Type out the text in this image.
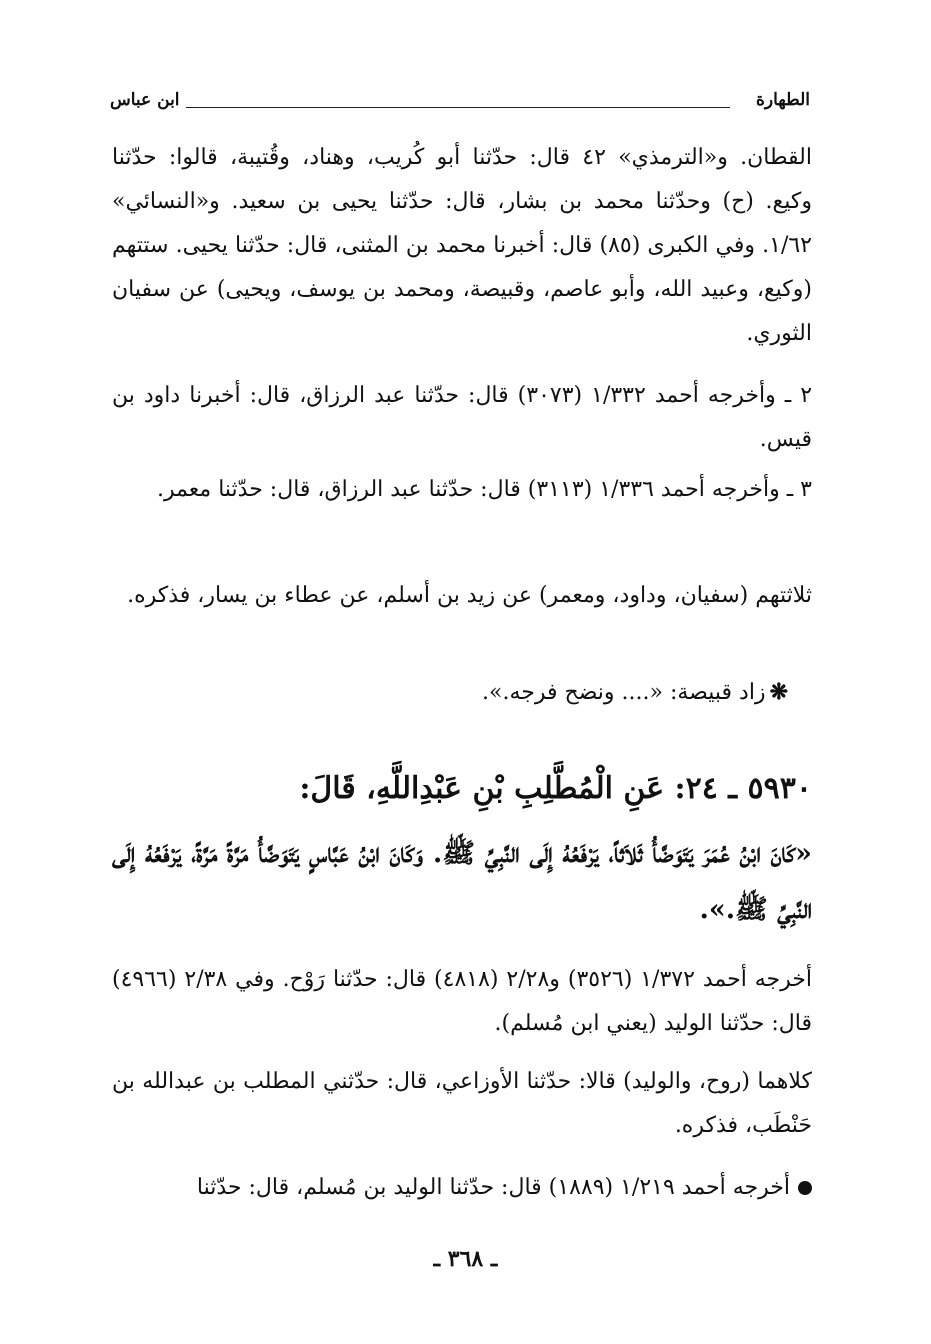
الطهارة
ابن عباس

القطان. و«الترمذي» ٤٢ قال: حدّثنا أبو كُريب، وهناد، وقُتيبة، قالوا: حدّثنا وكيع. (ح) وحدّثنا محمد بن بشار، قال: حدّثنا يحيى بن سعيد. و«النسائي» ١/٦٢. وفي الكبرى (٨٥) قال: أخبرنا محمد بن المثنى، قال: حدّثنا يحيى. ستتهم (وكيع، وعبيد الله، وأبو عاصم، وقبيصة، ومحمد بن يوسف، ويحيى) عن سفيان الثوري.

٢ ـ وأخرجه أحمد ١/٣٣٢ (٣٠٧٣) قال: حدّثنا عبد الرزاق، قال: أخبرنا داود بن قيس.

٣ ـ وأخرجه أحمد ١/٣٣٦ (٣١١٣) قال: حدّثنا عبد الرزاق، قال: حدّثنا معمر.

ثلاثتهم (سفيان، وداود، ومعمر) عن زيد بن أسلم، عن عطاء بن يسار، فذكره.

❋زاد قبيصة: «.... ونضح فرجه.».

٥٩٣٠ ـ ٢٤: عَنِ الْمُطَّلِبِ بْنِ عَبْدِاللَّهِ، قَالَ:
«كَانَ ابْنُ عُمَرَ يَتَوَضَّأُ ثَلاَثاً، يَرْفَعُهُ إِلَى النَّبِيِّ ﷺ. وَكَانَ ابْنُ عَبَّاسٍ يَتَوَضَّأُ مَرَّةً مَرَّةً، يَرْفَعُهُ إِلَى النَّبِيِّ ﷺ.».

أخرجه أحمد ١/٣٧٢ (٣٥٢٦) و٢/٢٨ (٤٨١٨) قال: حدّثنا رَوْح. وفي ٢/٣٨ (٤٩٦٦) قال: حدّثنا الوليد (يعني ابن مُسلم).

كلاهما (روح، والوليد) قالا: حدّثنا الأوزاعي، قال: حدّثني المطلب بن عبدالله بن حَنْطَب، فذكره.

أخرجه أحمد ١/٢١٩ (١٨٨٩) قال: حدّثنا الوليد بن مُسلم، قال: حدّثنا

ـ ٣٦٨ ـ
